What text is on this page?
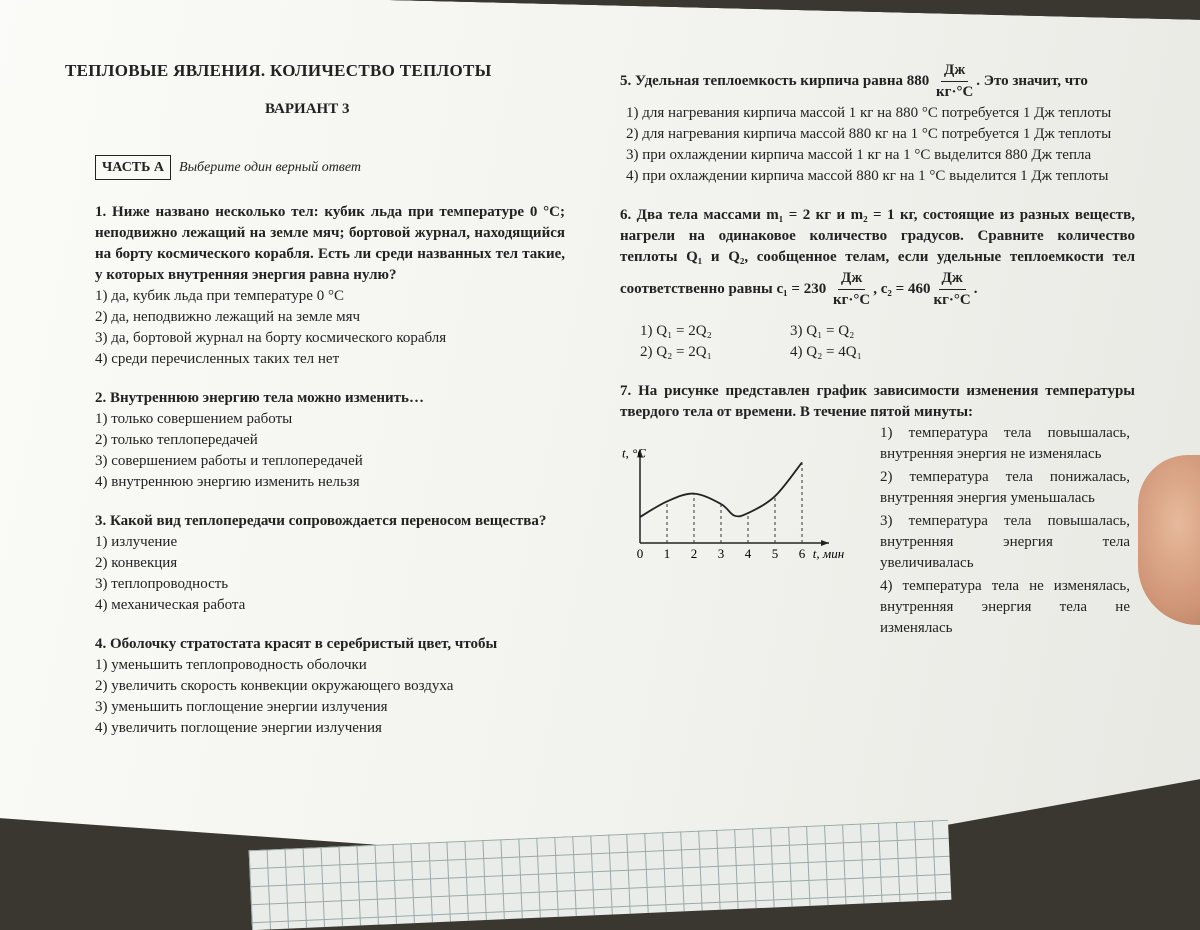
ТЕПЛОВЫЕ ЯВЛЕНИЯ. КОЛИЧЕСТВО ТЕПЛОТЫ
ВАРИАНТ 3
ЧАСТЬ А	Выберите один верный ответ
1. Ниже названо несколько тел: кубик льда при температуре 0 °С; неподвижно лежащий на земле мяч; бортовой журнал, находящийся на борту космического корабля. Есть ли среди названных тел такие, у которых внутренняя энергия равна нулю?
1) да, кубик льда при температуре 0 °С
2) да, неподвижно лежащий на земле мяч
3) да, бортовой журнал на борту космического корабля
4) среди перечисленных таких тел нет
2. Внутреннюю энергию тела можно изменить…
1) только совершением работы
2) только теплопередачей
3) совершением работы и теплопередачей
4) внутреннюю энергию изменить нельзя
3. Какой вид теплопередачи сопровождается переносом вещества?
1) излучение
2) конвекция
3) теплопроводность
4) механическая работа
4. Оболочку стратостата красят в серебристый цвет, чтобы
1) уменьшить теплопроводность оболочки
2) увеличить скорость конвекции окружающего воздуха
3) уменьшить поглощение энергии излучения
4) увеличить поглощение энергии излучения
5. Удельная теплоемкость кирпича равна $880 \frac{Дж}{кг\cdot^\circ С}$ . Это значит, что
1) для нагревания кирпича массой 1 кг на 880 °С потребуется 1 Дж теплоты
2) для нагревания кирпича массой 880 кг на 1 °С потребуется 1 Дж теплоты
3) при охлаждении кирпича массой 1 кг на 1 °С выделится 880 Дж тепла
4) при охлаждении кирпича массой 880 кг на 1 °С выделится 1 Дж теплоты
6. Два тела массами m₁ = 2 кг и m₂ = 1 кг, состоящие из разных веществ, нагрели на одинаковое количество градусов. Сравните количество теплоты Q₁ и Q₂, сообщенное телам, если удельные теплоемкости тел соответственно равны $c_1 = 230 \frac{Дж}{кг\cdot^\circ С}$ , $c_2 = 460 \frac{Дж}{кг\cdot^\circ С}$ .
1) Q₁ = 2Q₂	3) Q₁ = Q₂
2) Q₂ = 2Q₁	4) Q₂ = 4Q₁
7. На рисунке представлен график зависимости изменения температуры твердого тела от времени. В течение пятой минуты:
0 1 2 3 4 5 6 t, мин
t, °С
1) температура тела повышалась, внутренняя энергия не изменялась
2) температура тела понижалась, внутренняя энергия уменьшалась
3) температура тела повышалась, внутренняя энергия тела увеличивалась
4) температура тела не изменялась, внутренняя энергия тела не изменялась
